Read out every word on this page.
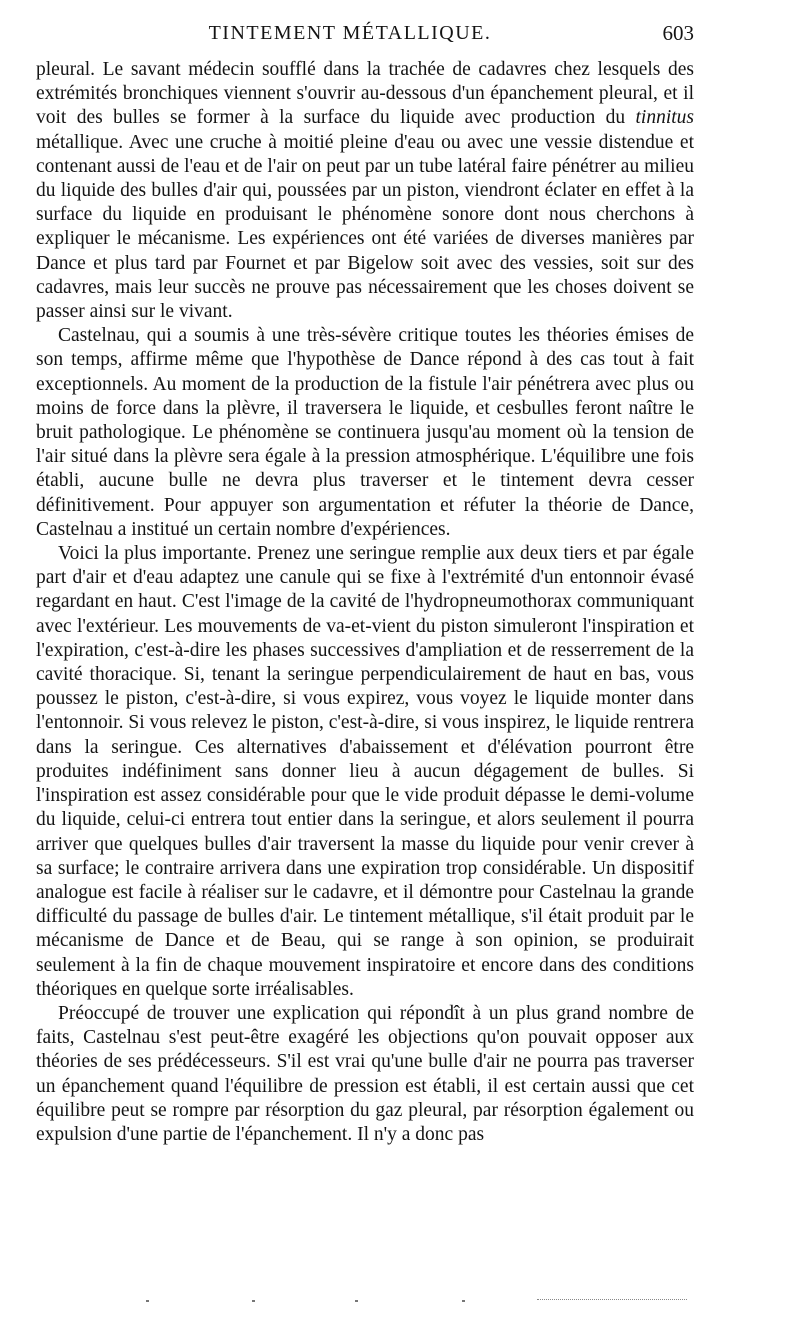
TINTEMENT MÉTALLIQUE.	603

pleural. Le savant médecin soufflé dans la trachée de cadavres chez lesquels des extrémités bronchiques viennent s'ouvrir au-dessous d'un épanchement pleural, et il voit des bulles se former à la surface du liquide avec production du tinnitus métallique. Avec une cruche à moitié pleine d'eau ou avec une vessie distendue et contenant aussi de l'eau et de l'air on peut par un tube latéral faire pénétrer au milieu du liquide des bulles d'air qui, poussées par un piston, viendront éclater en effet à la surface du liquide en produisant le phénomène sonore dont nous cherchons à expliquer le mécanisme. Les expériences ont été variées de diverses manières par Dance et plus tard par Fournet et par Bigelow soit avec des vessies, soit sur des cadavres, mais leur succès ne prouve pas nécessairement que les choses doivent se passer ainsi sur le vivant.

Castelnau, qui a soumis à une très-sévère critique toutes les théories émises de son temps, affirme même que l'hypothèse de Dance répond à des cas tout à fait exceptionnels. Au moment de la production de la fistule l'air pénétrera avec plus ou moins de force dans la plèvre, il traversera le liquide, et cesbulles feront naître le bruit pathologique. Le phénomène se continuera jusqu'au moment où la tension de l'air situé dans la plèvre sera égale à la pression atmosphérique. L'équilibre une fois établi, aucune bulle ne devra plus traverser et le tintement devra cesser définitivement. Pour appuyer son argumentation et réfuter la théorie de Dance, Castelnau a institué un certain nombre d'expériences.

Voici la plus importante. Prenez une seringue remplie aux deux tiers et par égale part d'air et d'eau adaptez une canule qui se fixe à l'extrémité d'un entonnoir évasé regardant en haut. C'est l'image de la cavité de l'hydropneumothorax communiquant avec l'extérieur. Les mouvements de va-et-vient du piston simuleront l'inspiration et l'expiration, c'est-à-dire les phases successives d'ampliation et de resserrement de la cavité thoracique. Si, tenant la seringue perpendiculairement de haut en bas, vous poussez le piston, c'est-à-dire, si vous expirez, vous voyez le liquide monter dans l'entonnoir. Si vous relevez le piston, c'est-à-dire, si vous inspirez, le liquide rentrera dans la seringue. Ces alternatives d'abaissement et d'élévation pourront être produites indéfiniment sans donner lieu à aucun dégagement de bulles. Si l'inspiration est assez considérable pour que le vide produit dépasse le demi-volume du liquide, celui-ci entrera tout entier dans la seringue, et alors seulement il pourra arriver que quelques bulles d'air traversent la masse du liquide pour venir crever à sa surface; le contraire arrivera dans une expiration trop considérable. Un dispositif analogue est facile à réaliser sur le cadavre, et il démontre pour Castelnau la grande difficulté du passage de bulles d'air. Le tintement métallique, s'il était produit par le mécanisme de Dance et de Beau, qui se range à son opinion, se produirait seulement à la fin de chaque mouvement inspiratoire et encore dans des conditions théoriques en quelque sorte irréalisables.

Préoccupé de trouver une explication qui répondît à un plus grand nombre de faits, Castelnau s'est peut-être exagéré les objections qu'on pouvait opposer aux théories de ses prédécesseurs. S'il est vrai qu'une bulle d'air ne pourra pas traverser un épanchement quand l'équilibre de pression est établi, il est certain aussi que cet équilibre peut se rompre par résorption du gaz pleural, par résorption également ou expulsion d'une partie de l'épanchement. Il n'y a donc pas
